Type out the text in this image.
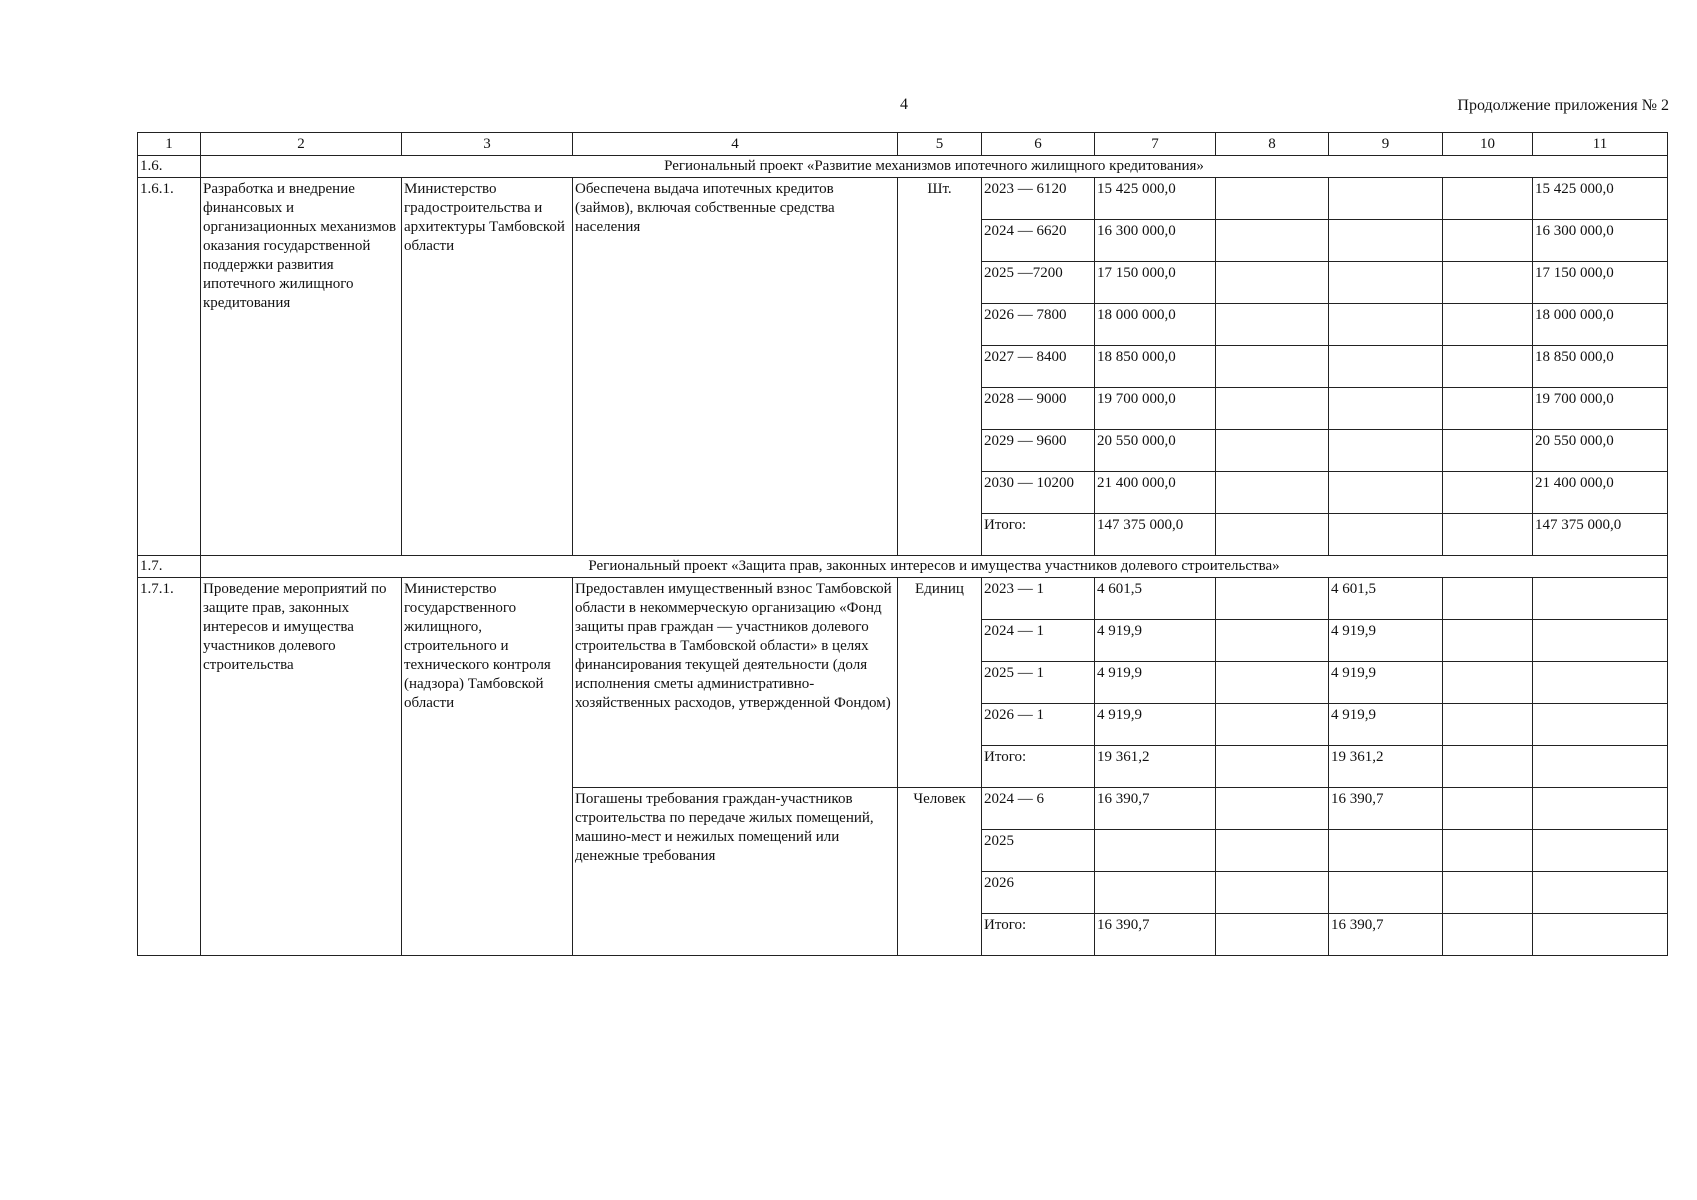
4	Продолжение приложения № 2
1	2	3	4	5	6	7	8	9	10	11
1.6.	Региональный проект «Развитие механизмов ипотечного жилищного кредитования»									
1.6.1.	Разработка и внедрение финансовых и организационных механизмов оказания государственной поддержки развития ипотечного жилищного кредитования	Министерство градостроительства и архитектуры Тамбовской области	Обеспечена выдача ипотечных кредитов (займов), включая собственные средства населения	Шт.	2023 — 6120	15 425 000,0				15 425 000,0
					2024 — 6620	16 300 000,0				16 300 000,0
					2025 —7200	17 150 000,0				17 150 000,0
					2026 — 7800	18 000 000,0				18 000 000,0
					2027 — 8400	18 850 000,0				18 850 000,0
					2028 — 9000	19 700 000,0				19 700 000,0
					2029 — 9600	20 550 000,0				20 550 000,0
					2030 — 10200	21 400 000,0				21 400 000,0
					Итого:	147 375 000,0				147 375 000,0
1.7.	Региональный проект «Защита прав, законных интересов и имущества участников долевого строительства»									
1.7.1.	Проведение мероприятий по защите прав, законных интересов и имущества участников долевого строительства	Министерство государственного жилищного, строительного и технического контроля (надзора) Тамбовской области	Предоставлен имущественный взнос Тамбовской области в некоммерческую организацию «Фонд защиты прав граждан — участников долевого строительства в Тамбовской области» в целях финансирования текущей деятельности (доля исполнения сметы административно-хозяйственных расходов, утвержденной Фондом)	Единиц	2023 — 1	4 601,5		4 601,5		
					2024 — 1	4 919,9		4 919,9		
					2025 — 1	4 919,9		4 919,9		
					2026 — 1	4 919,9		4 919,9		
					Итого:	19 361,2		19 361,2		
			Погашены требования граждан-участников строительства по передаче жилых помещений, машино-мест и нежилых помещений или денежные требования	Человек	2024 — 6	16 390,7		16 390,7		
					2025					
					2026					
					Итого:	16 390,7		16 390,7		
